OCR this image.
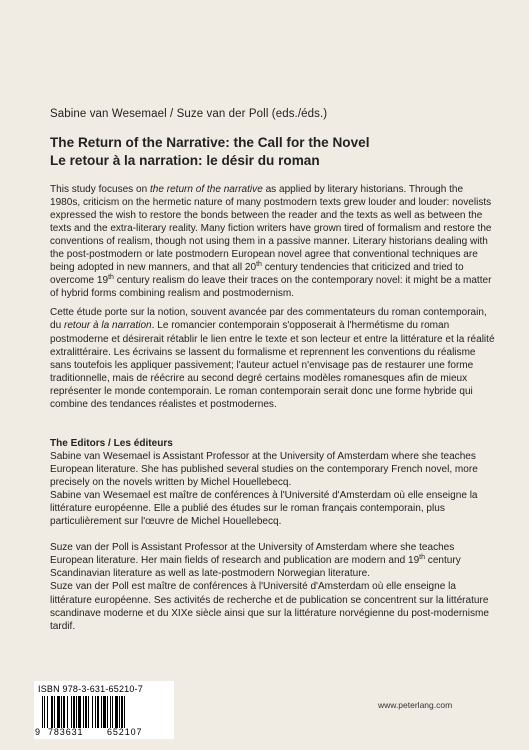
Sabine van Wesemael / Suze van der Poll (eds./éds.)

The Return of the Narrative: the Call for the Novel

Le retour à la narration: le désir du roman

This study focuses on the return of the narrative as applied by literary historians. Through the 1980s, criticism on the hermetic nature of many postmodern texts grew louder and louder: novelists expressed the wish to restore the bonds between the reader and the texts as well as between the texts and the extra-literary reality. Many fiction writers have grown tired of formalism and restore the conventions of realism, though not using them in a passive manner. Literary historians dealing with the post-postmodern or late postmodern European novel agree that conventional techniques are being adopted in new manners, and that all 20th century tendencies that criticized and tried to overcome 19th century realism do leave their traces on the contemporary novel: it might be a matter of hybrid forms combining realism and postmodernism.

Cette étude porte sur la notion, souvent avancée par des commentateurs du roman contemporain, du retour à la narration. Le romancier contemporain s'opposerait à l'hermétisme du roman postmoderne et désirerait rétablir le lien entre le texte et son lecteur et entre la littérature et la réalité extralittéraire. Les écrivains se lassent du formalisme et reprennent les conventions du réalisme sans toutefois les appliquer passivement; l'auteur actuel n'envisage pas de restaurer une forme traditionnelle, mais de réécrire au second degré certains modèles romanesques afin de mieux représenter le monde contemporain. Le roman contemporain serait donc une forme hybride qui combine des tendances réalistes et postmodernes.

The Editors / Les éditeurs

Sabine van Wesemael is Assistant Professor at the University of Amsterdam where she teaches European literature. She has published several studies on the contemporary French novel, more precisely on the novels written by Michel Houellebecq.

Sabine van Wesemael est maître de conférences à l'Université d'Amsterdam où elle enseigne la littérature européenne. Elle a publié des études sur le roman français contemporain, plus particulièrement sur l'œuvre de Michel Houellebecq.

Suze van der Poll is Assistant Professor at the University of Amsterdam where she teaches European literature. Her main fields of research and publication are modern and 19th century Scandinavian literature as well as late-postmodern Norwegian literature.

Suze van der Poll est maître de conférences à l'Université d'Amsterdam où elle enseigne la littérature européenne. Ses activités de recherche et de publication se concentrent sur la littérature scandinave moderne et du XIXe siècle ainsi que sur la littérature norvégienne du post-modernisme tardif.

ISBN 978-3-631-65210-7
9 783631	652107
www.peterlang.com
